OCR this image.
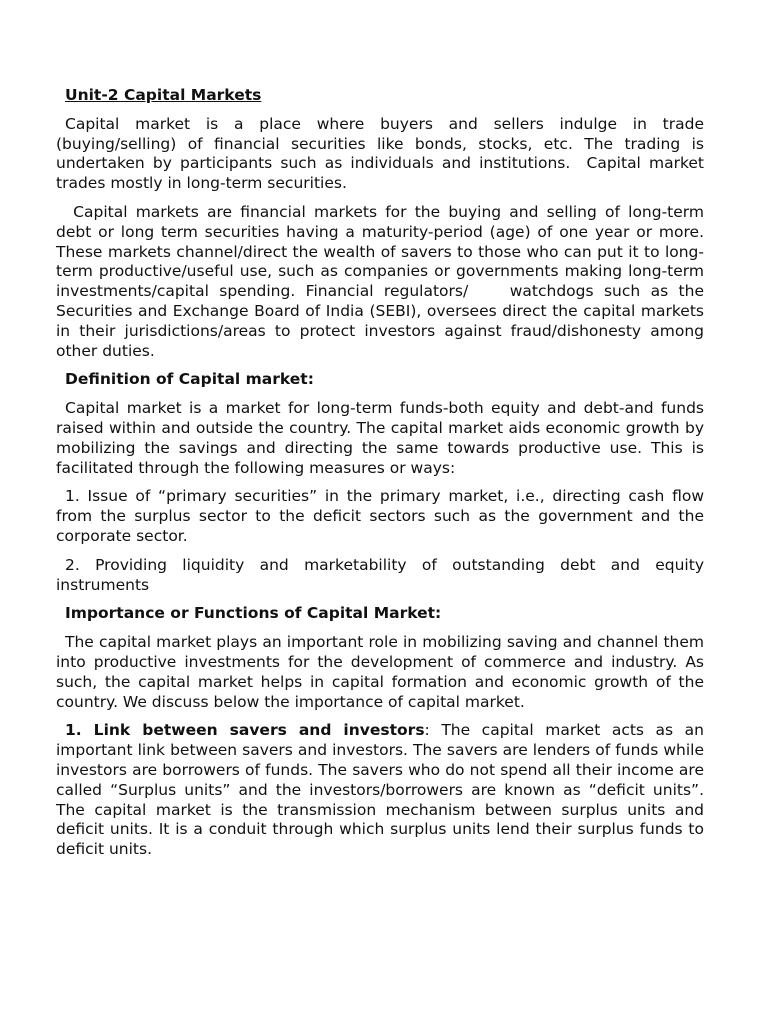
Unit-2 Capital Markets

Capital market is a place where buyers and sellers indulge in trade (buying/selling) of financial securities like bonds, stocks, etc. The trading is undertaken by participants such as individuals and institutions.  Capital market trades mostly in long-term securities.

Capital markets are financial markets for the buying and selling of long-term debt or long term securities having a maturity-period (age) of one year or more. These markets channel/direct the wealth of savers to those who can put it to long-term productive/useful use, such as companies or governments making long-term investments/capital spending. Financial regulators/    watchdogs such as the Securities and Exchange Board of India (SEBI), oversees direct the capital markets in their jurisdictions/areas to protect investors against fraud/dishonesty among other duties.

Definition of Capital market:

Capital market is a market for long-term funds-both equity and debt-and funds raised within and outside the country. The capital market aids economic growth by mobilizing the savings and directing the same towards productive use. This is facilitated through the following measures or ways:

1. Issue of “primary securities” in the primary market, i.e., directing cash flow from the surplus sector to the deficit sectors such as the government and the corporate sector.

2. Providing liquidity and marketability of outstanding debt and equity instruments

Importance or Functions of Capital Market:

The capital market plays an important role in mobilizing saving and channel them into productive investments for the development of commerce and industry. As such, the capital market helps in capital formation and economic growth of the country. We discuss below the importance of capital market.

1. Link between savers and investors: The capital market acts as an important link between savers and investors. The savers are lenders of funds while investors are borrowers of funds. The savers who do not spend all their income are called “Surplus units” and the investors/borrowers are known as “deficit units”. The capital market is the transmission mechanism between surplus units and deficit units. It is a conduit through which surplus units lend their surplus funds to deficit units.
